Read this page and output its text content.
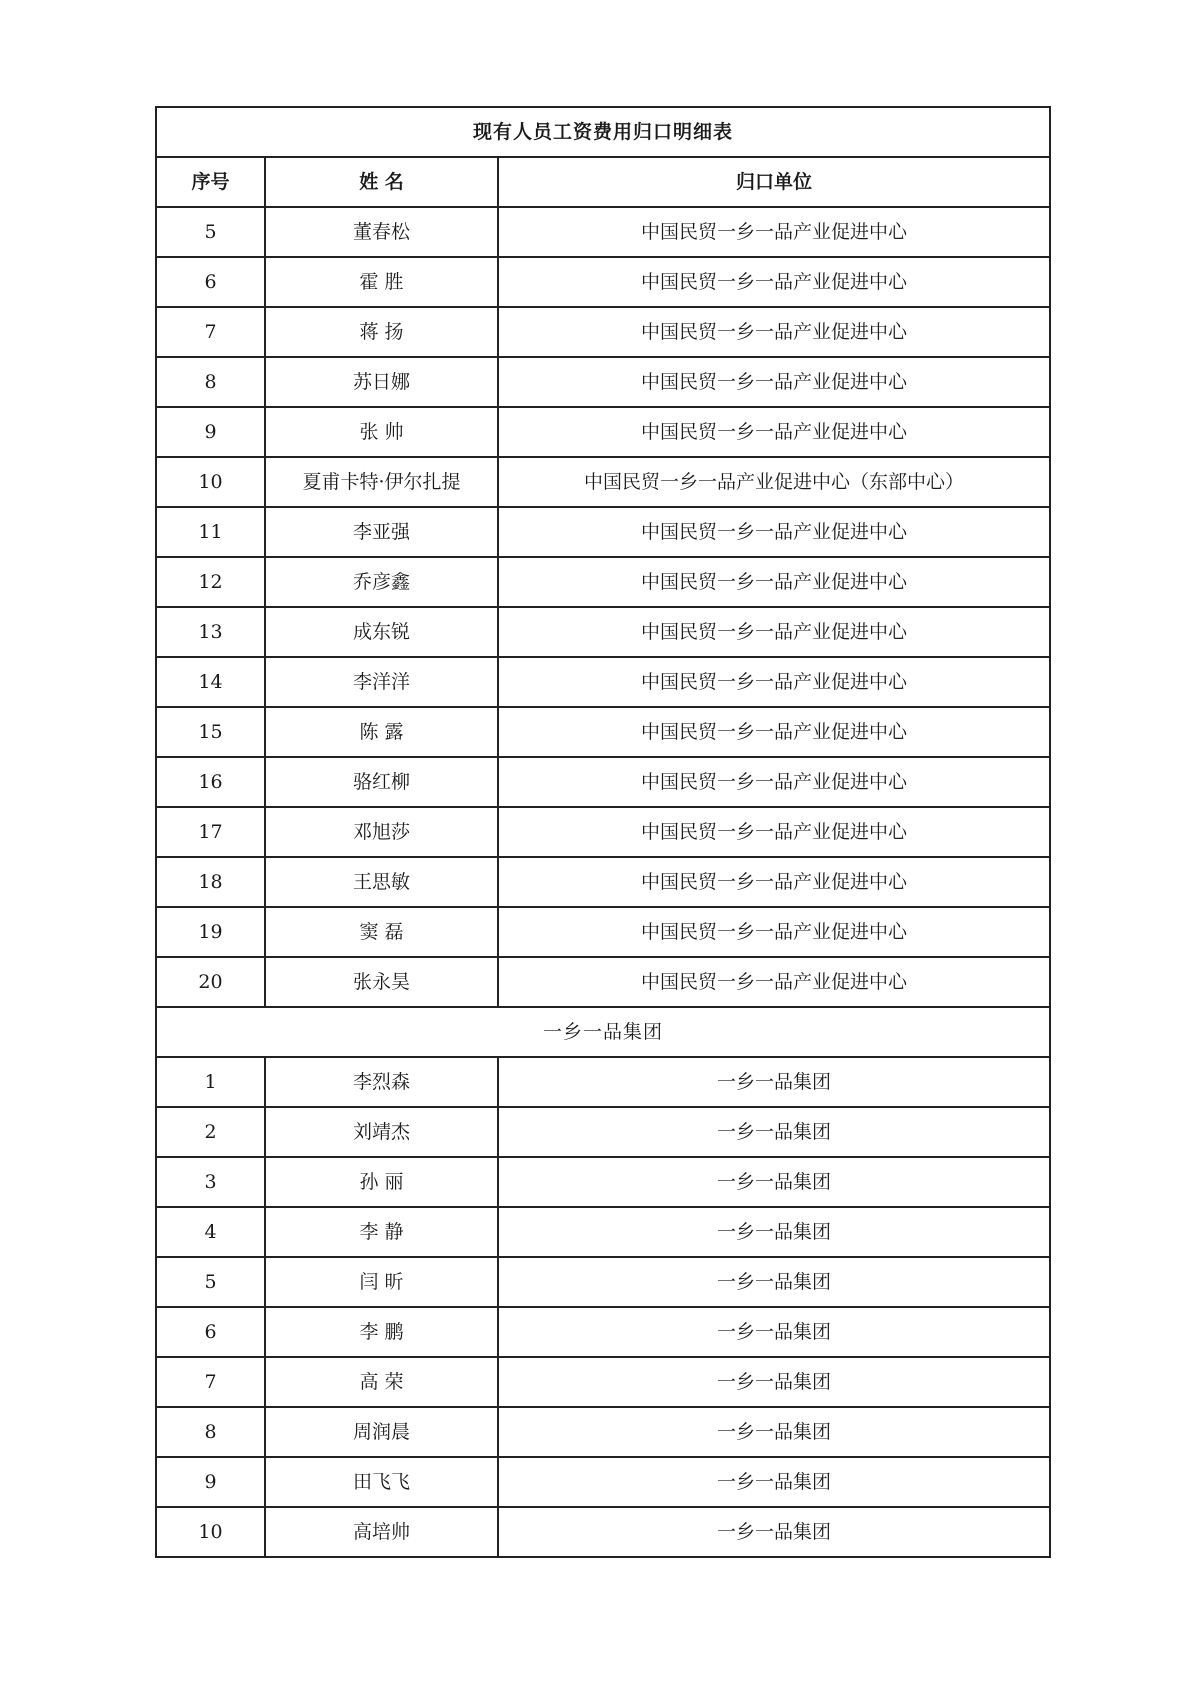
现有人员工资费用归口明细表		
序号	姓 名	归口单位
5	董春松	中国民贸一乡一品产业促进中心
6	霍 胜	中国民贸一乡一品产业促进中心
7	蒋 扬	中国民贸一乡一品产业促进中心
8	苏日娜	中国民贸一乡一品产业促进中心
9	张 帅	中国民贸一乡一品产业促进中心
10	夏甫卡特·伊尔扎提	中国民贸一乡一品产业促进中心（东部中心）
11	李亚强	中国民贸一乡一品产业促进中心
12	乔彦鑫	中国民贸一乡一品产业促进中心
13	成东锐	中国民贸一乡一品产业促进中心
14	李洋洋	中国民贸一乡一品产业促进中心
15	陈 露	中国民贸一乡一品产业促进中心
16	骆红柳	中国民贸一乡一品产业促进中心
17	邓旭莎	中国民贸一乡一品产业促进中心
18	王思敏	中国民贸一乡一品产业促进中心
19	窦 磊	中国民贸一乡一品产业促进中心
20	张永昊	中国民贸一乡一品产业促进中心
一乡一品集团		
1	李烈森	一乡一品集团
2	刘靖杰	一乡一品集团
3	孙 丽	一乡一品集团
4	李 静	一乡一品集团
5	闫 昕	一乡一品集团
6	李 鹏	一乡一品集团
7	高 荣	一乡一品集团
8	周润晨	一乡一品集团
9	田飞飞	一乡一品集团
10	高培帅	一乡一品集团
